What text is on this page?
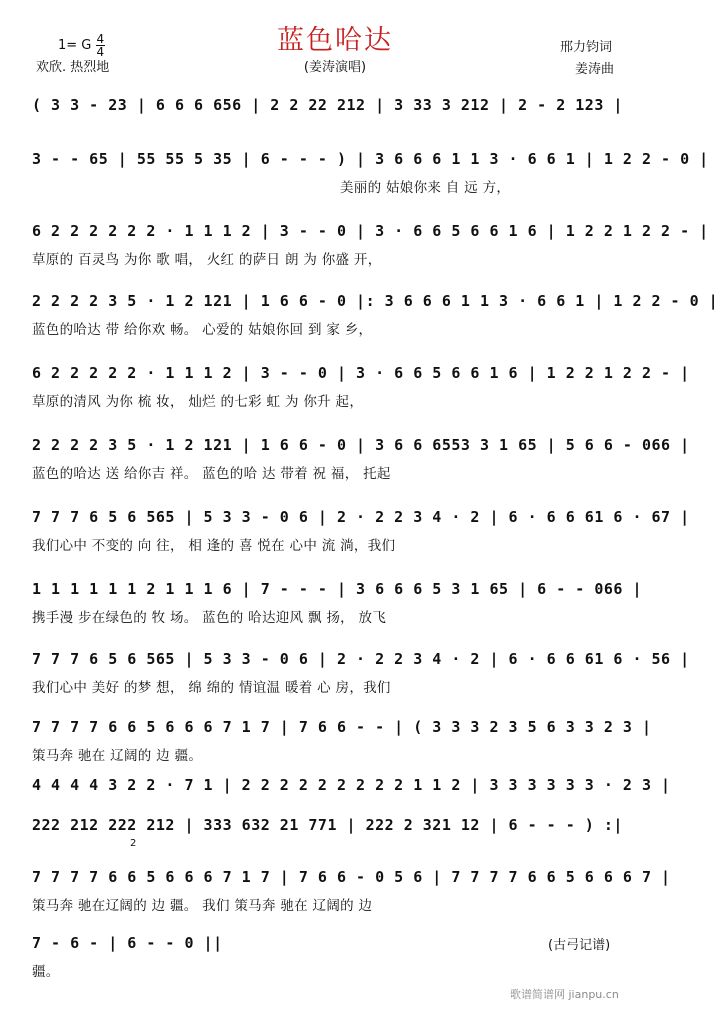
蓝色哈达
1= G $\frac{4}{4}$
欢欣. 热烈地	(姜涛演唱)
邢力钧词
姜涛曲
( 3 3 - 23 | 6 6 6 656 | 2 2 22 212 | 3 33 3 212 | 2 - 2 123 |
3 - - 65 | 55 55 5 35 | 6 - - - ) | 3 6 6 6 1 1 3 · 6 6 1 | 1 2 2 - 0 |
美丽的 姑娘你来 自 远 方，
6 2 2 2 2 2 2 · 1 1 1 2 | 3 - - 0 | 3 · 6 6 5 6 6 1 6 | 1 2 2 1 2 2 - |
草原的 百灵鸟 为你 歌 唱， 火红 的萨日 朗 为 你盛 开，
2 2 2 2 3 5 · 1 2 121 | 1 6 6 - 0 |: 3 6 6 6 1 1 3 · 6 6 1 | 1 2 2 - 0 |
蓝色的哈达 带 给你欢 畅。 心爱的 姑娘你回 到 家 乡，
6 2 2 2 2 2 · 1 1 1 2 | 3 - - 0 | 3 · 6 6 5 6 6 1 6 | 1 2 2 1 2 2 - |
草原的清风 为你 梳 妆， 灿烂 的七彩 虹 为 你升 起，
2 2 2 2 3 5 · 1 2 121 | 1 6 6 - 0 | 3 6 6 6553 3 1 65 | 5 6 6 - 066 |
蓝色的哈达 送 给你吉 祥。 蓝色的哈 达 带着 祝 福， 托起
7 7 7 6 5 6 565 | 5 3 3 - 0 6 | 2 · 2 2 3 4 · 2 | 6 · 6 6 61 6 · 67 |
我们心中 不变的 向 往， 相 逢的 喜 悦在 心中 流 淌，我们
1 1 1 1 1 1 2 1 1 1 6 | 7 - - - | 3 6 6 6 5 3 1 65 | 6 - - 066 |
携手漫 步在绿色的 牧 场。 蓝色的 哈达迎风 飘 扬， 放飞
7 7 7 6 5 6 565 | 5 3 3 - 0 6 | 2 · 2 2 3 4 · 2 | 6 · 6 6 61 6 · 56 |
我们心中 美好 的梦 想， 绵 绵的 情谊温 暖着 心 房，我们
7 7 7 7 6 6 5 6 6 6 7 1 7 | 7 6 6 - - | ( 3 3 3 2 3 5 6 3 3 2 3 |
策马奔 驰在 辽阔的 边 疆。
4 4 4 4 3 2 2 · 7 1 | 2 2 2 2 2 2 2 2 2 1 1 2 | 3 3 3 3 3 3 · 2 3 |
222 212 222 212 | 333 632 21 771 | 222 2 321 12 | 6 - - - ) :|
7 7 7 7 6 6 5 6 6 6 7 1 7 | 7 6 6 - 0 5 6 | 7 7 7 7 6 6 5 6 6 6 7 |
策马奔 驰在辽阔的 边 疆。 我们 策马奔 驰在 辽阔的 边
7 - 6 - | 6 - - 0 ||
疆。
2
(古弓记谱)
歌谱简谱网 jianpu.cn
